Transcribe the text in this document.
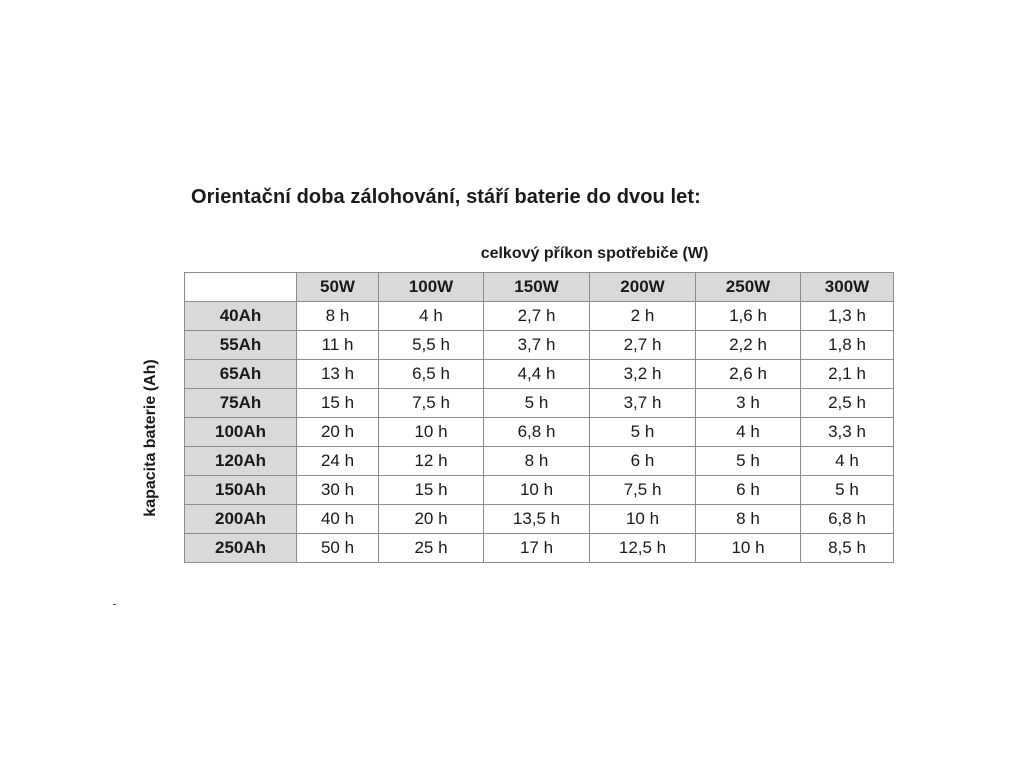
Orientační doba zálohování, stáří baterie do dvou let:
celkový příkon spotřebiče (W)
kapacita baterie (Ah)
	50W	100W	150W	200W	250W	300W
40Ah	8 h	4 h	2,7 h	2 h	1,6 h	1,3 h
55Ah	11 h	5,5 h	3,7 h	2,7 h	2,2 h	1,8 h
65Ah	13 h	6,5 h	4,4 h	3,2 h	2,6 h	2,1 h
75Ah	15 h	7,5 h	5 h	3,7 h	3 h	2,5 h
100Ah	20 h	10 h	6,8 h	5 h	4 h	3,3 h
120Ah	24 h	12 h	8 h	6 h	5 h	4 h
150Ah	30 h	15 h	10 h	7,5 h	6 h	5 h
200Ah	40 h	20 h	13,5 h	10 h	8 h	6,8 h
250Ah	50 h	25 h	17 h	12,5 h	10 h	8,5 h
